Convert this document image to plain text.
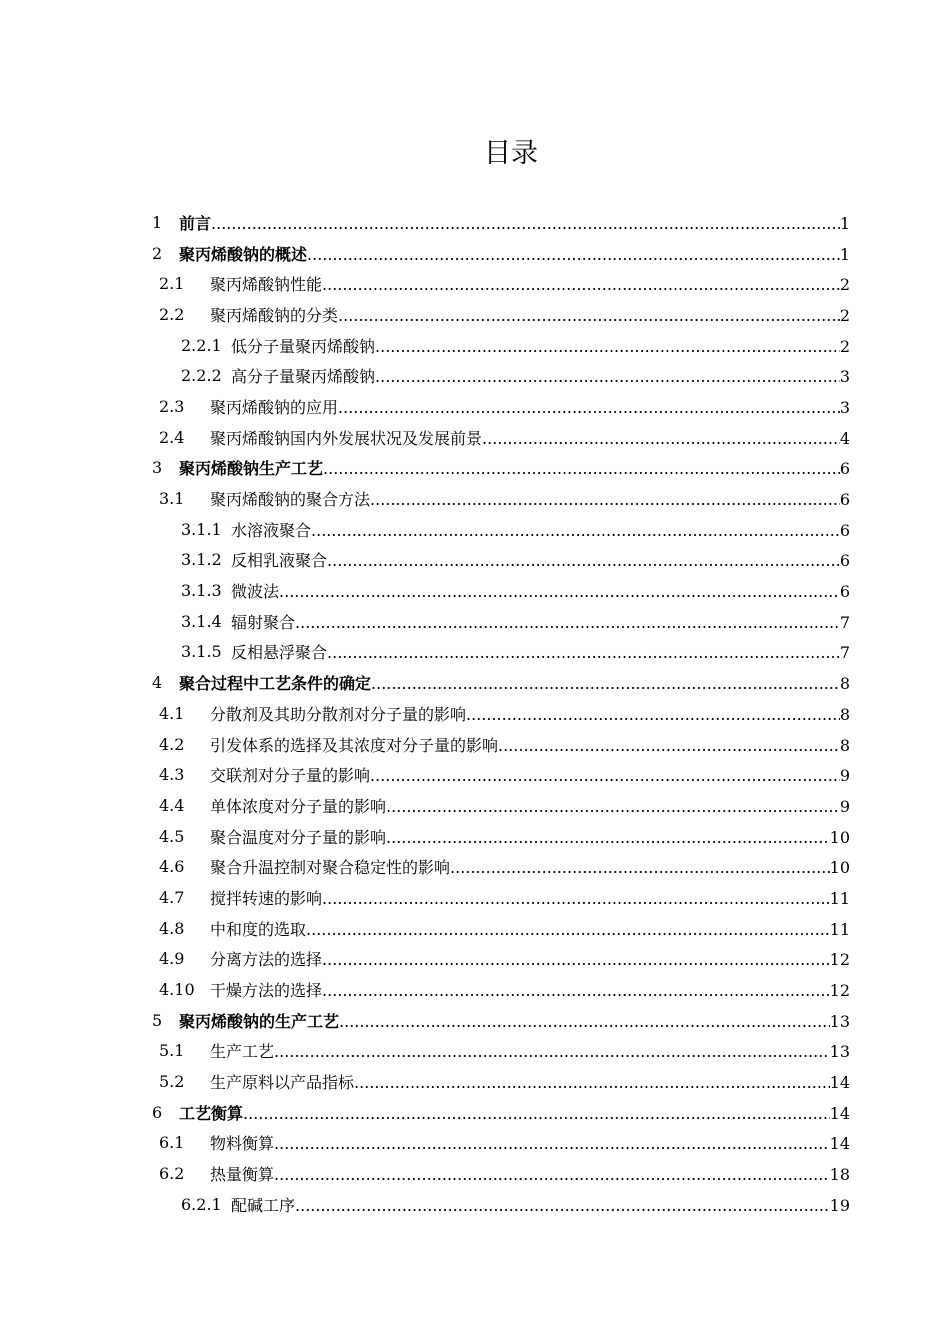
目录
1 前言 .....	1
2 聚丙烯酸钠的概述 .....	1
2.1 聚丙烯酸钠性能 .....	2
2.2 聚丙烯酸钠的分类 .....	2
2.2.1 低分子量聚丙烯酸钠 .....	2
2.2.2 高分子量聚丙烯酸钠 .....	3
2.3 聚丙烯酸钠的应用 .....	3
2.4 聚丙烯酸钠国内外发展状况及发展前景 .....	4
3 聚丙烯酸钠生产工艺 .....	6
3.1 聚丙烯酸钠的聚合方法 .....	6
3.1.1 水溶液聚合 .....	6
3.1.2 反相乳液聚合 .....	6
3.1.3 微波法 .....	6
3.1.4 辐射聚合 .....	7
3.1.5 反相悬浮聚合 .....	7
4 聚合过程中工艺条件的确定 .....	8
4.1 分散剂及其助分散剂对分子量的影响 .....	8
4.2 引发体系的选择及其浓度对分子量的影响 .....	8
4.3 交联剂对分子量的影响 .....	9
4.4 单体浓度对分子量的影响 .....	9
4.5 聚合温度对分子量的影响 .....	10
4.6 聚合升温控制对聚合稳定性的影响 .....	10
4.7 搅拌转速的影响 .....	11
4.8 中和度的选取 .....	11
4.9 分离方法的选择 .....	12
4.10 干燥方法的选择 .....	12
5 聚丙烯酸钠的生产工艺 .....	13
5.1 生产工艺 .....	13
5.2 生产原料以产品指标 .....	14
6 工艺衡算 .....	14
6.1 物料衡算 .....	14
6.2 热量衡算 .....	18
6.2.1 配碱工序 .....	19
